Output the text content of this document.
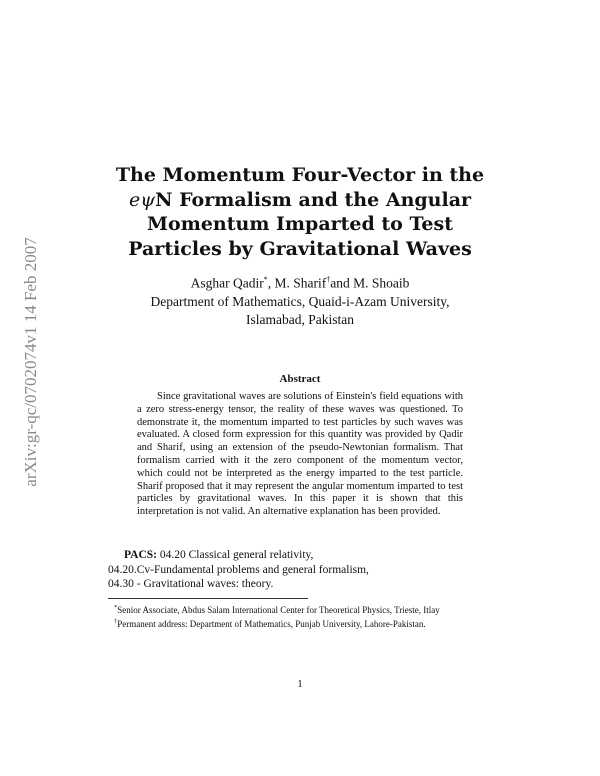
arXiv:gr-qc/0702074v1 14 Feb 2007
The Momentum Four-Vector in the
eψN Formalism and the Angular
Momentum Imparted to Test
Particles by Gravitational Waves
Asghar Qadir*, M. Sharif†and M. Shoaib
Department of Mathematics, Quaid-i-Azam University,
Islamabad, Pakistan
Abstract

Since gravitational waves are solutions of Einstein's field equations with a zero stress-energy tensor, the reality of these waves was questioned. To demonstrate it, the momentum imparted to test particles by such waves was evaluated. A closed form expression for this quantity was provided by Qadir and Sharif, using an extension of the pseudo-Newtonian formalism. That formalism carried with it the zero component of the momentum vector, which could not be interpreted as the energy imparted to the test particle. Sharif proposed that it may represent the angular momentum imparted to test particles by gravitational waves. In this paper it is shown that this interpretation is not valid. An alternative explanation has been provided.

PACS: 04.20 Classical general relativity,
04.20.Cv-Fundamental problems and general formalism,
04.30 - Gravitational waves: theory.

*Senior Associate, Abdus Salam International Center for Theoretical Physics, Trieste, Itlay

†Permanent address: Department of Mathematics, Punjab University, Lahore-Pakistan.

1
